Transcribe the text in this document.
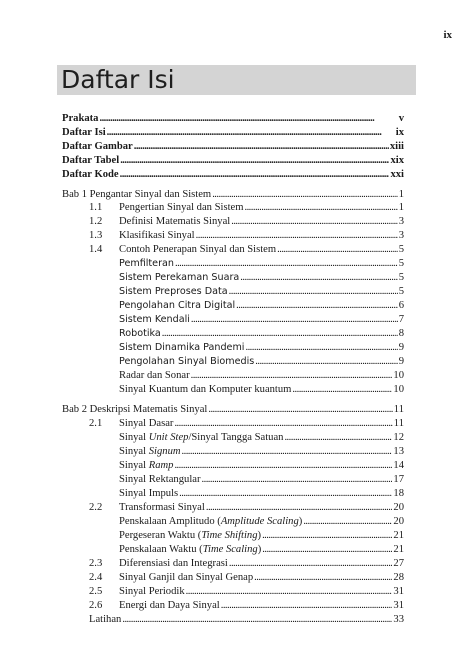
ix
Daftar Isi
Prakata . . .	v
Daftar Isi . . .	ix
Daftar Gambar . . .	xiii
Daftar Tabel . . .	xix
Daftar Kode . . .	xxi
Bab 1 Pengantar Sinyal dan Sistem . . .	1
1.1 Pengertian Sinyal dan Sistem . . .	1
1.2 Definisi Matematis Sinyal . . .	3
1.3 Klasifikasi Sinyal . . .	3
1.4 Contoh Penerapan Sinyal dan Sistem . . .	5
Pemfilteran . . .	5
Sistem Perekaman Suara . . .	5
Sistem Preproses Data . . .	5
Pengolahan Citra Digital . . .	6
Sistem Kendali . . .	7
Robotika . . .	8
Sistem Dinamika Pandemi . . .	9
Pengolahan Sinyal Biomedis . . .	9
Radar dan Sonar . . .	10
Sinyal Kuantum dan Komputer kuantum . . .	10
Bab 2 Deskripsi Matematis Sinyal . . .	11
2.1 Sinyal Dasar . . .	11
Sinyal Unit Step/Sinyal Tangga Satuan . . .	12
Sinyal Signum . . .	13
Sinyal Ramp . . .	14
Sinyal Rektangular . . .	17
Sinyal Impuls . . .	18
2.2 Transformasi Sinyal . . .	20
Penskalaan Amplitudo (Amplitude Scaling) . . .	20
Pergeseran Waktu (Time Shifting) . . .	21
Penskalaan Waktu (Time Scaling) . . .	21
2.3 Diferensiasi dan Integrasi . . .	27
2.4 Sinyal Ganjil dan Sinyal Genap . . .	28
2.5 Sinyal Periodik . . .	31
2.6 Energi dan Daya Sinyal . . .	31
Latihan . . .	33
